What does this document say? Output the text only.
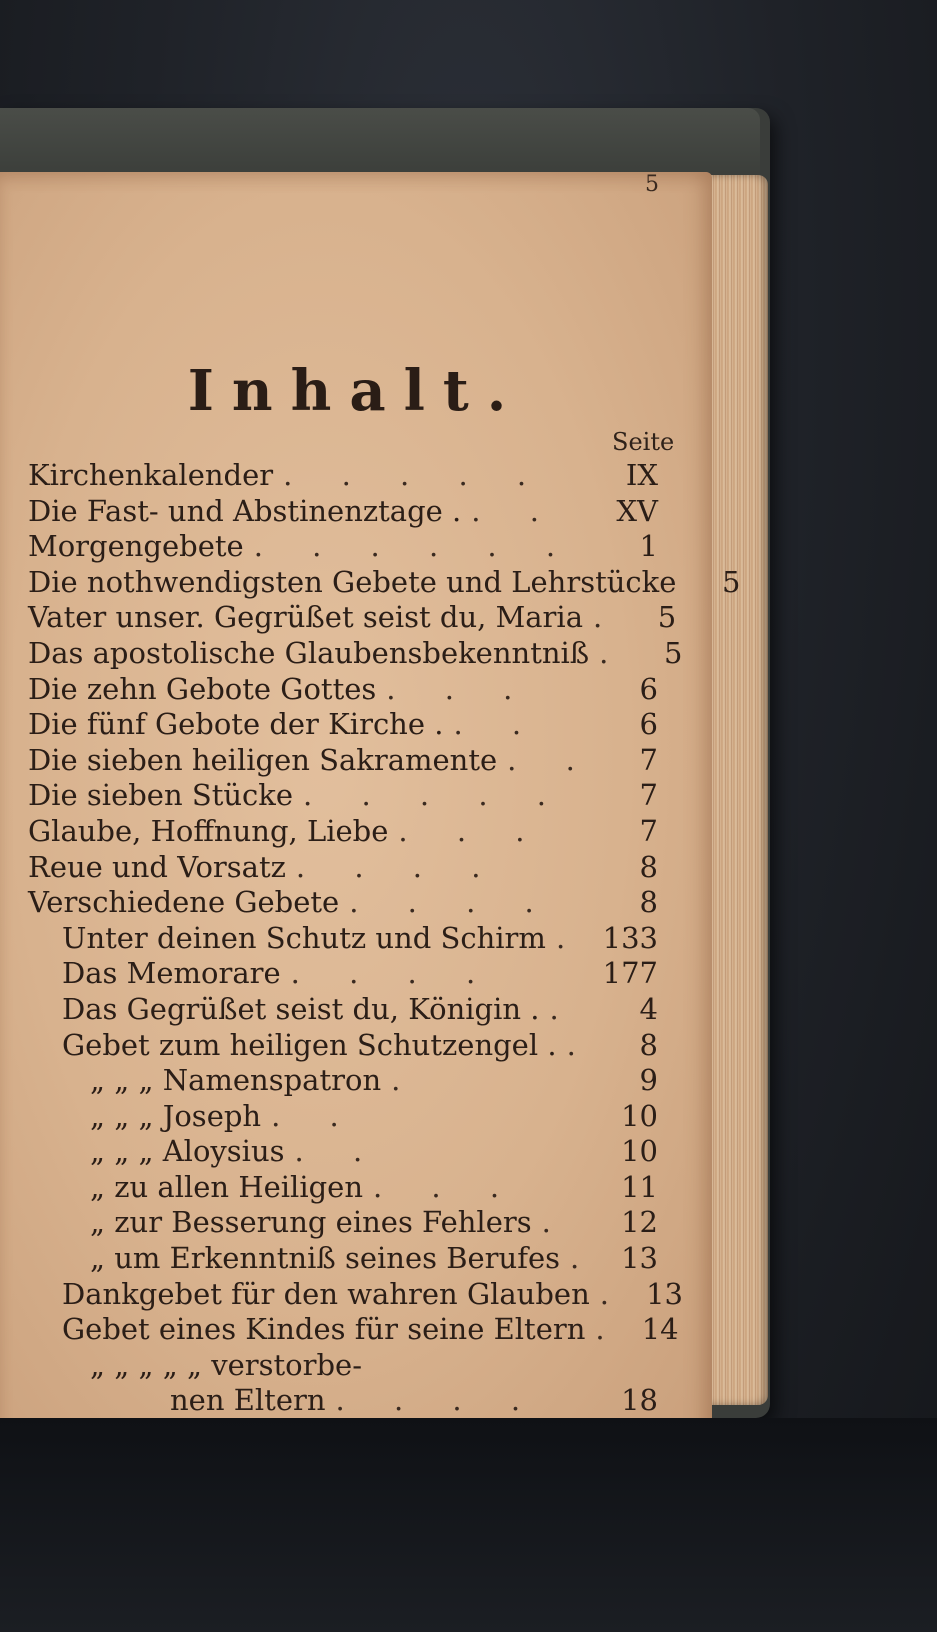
5
Inhalt.
Seite
Kirchenkalender . . . . .	IX
Die Fast- und Abstinenztage . . .	XV
Morgengebete . . . . . .	1
Die nothwendigsten Gebete und Lehrstücke	5
Vater unser. Gegrüßet seist du, Maria .	5
Das apostolische Glaubensbekenntniß .	5
Die zehn Gebote Gottes . . .	6
Die fünf Gebote der Kirche . . .	6
Die sieben heiligen Sakramente . .	7
Die sieben Stücke . . . . .	7
Glaube, Hoffnung, Liebe . . .	7
Reue und Vorsatz . . . .	8
Verschiedene Gebete . . . .	8
Unter deinen Schutz und Schirm . 133
Das Memorare . . . .	177
Das Gegrüßet seist du, Königin . .	4
Gebet zum heiligen Schutzengel . .	8
„ „ „ Namenspatron .	9
„ „ „ Joseph . .	10
„ „ „ Aloysius . .	10
„ zu allen Heiligen . . .	11
„ zur Besserung eines Fehlers .	12
„ um Erkenntniß seines Berufes . 13
Dankgebet für den wahren Glauben . 13
Gebet eines Kindes für seine Eltern . 14
„ „ „ „ „ verstorbe-
nen Eltern . . . .	18
